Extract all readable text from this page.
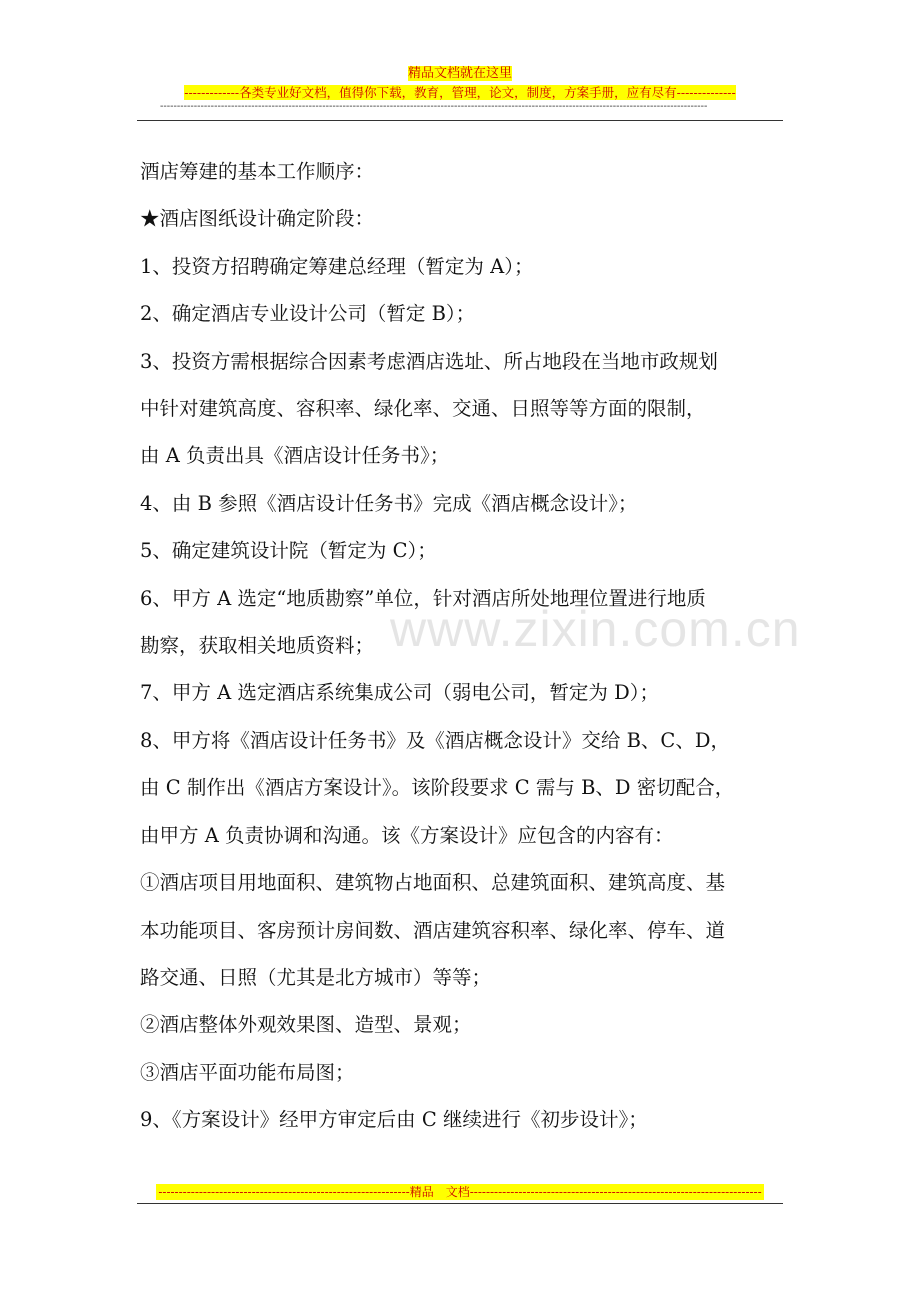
精品文档就在这里
-------------各类专业好文档，值得你下载，教育，管理，论文，制度，方案手册，应有尽有--------------
------------------------------------------------------------------------------------------------------------------------------------------------------------------
www.zixin.com.cn

酒店筹建的基本工作顺序：

★酒店图纸设计确定阶段：

1、投资方招聘确定筹建总经理（暂定为 A）；

2、确定酒店专业设计公司（暂定 B）；

3、投资方需根据综合因素考虑酒店选址、所占地段在当地市政规划
中针对建筑高度、容积率、绿化率、交通、日照等等方面的限制，
由 A 负责出具《酒店设计任务书》；

4、由 B 参照《酒店设计任务书》完成《酒店概念设计》；

5、确定建筑设计院（暂定为 C）；

6、甲方 A 选定“地质勘察”单位，针对酒店所处地理位置进行地质
勘察，获取相关地质资料；

7、甲方 A 选定酒店系统集成公司（弱电公司，暂定为 D）；

8、甲方将《酒店设计任务书》及《酒店概念设计》交给 B、C、D，
由 C 制作出《酒店方案设计》。该阶段要求 C 需与 B、D 密切配合，
由甲方 A 负责协调和沟通。该《方案设计》应包含的内容有：

①酒店项目用地面积、建筑物占地面积、总建筑面积、建筑高度、基
本功能项目、客房预计房间数、酒店建筑容积率、绿化率、停车、道
路交通、日照（尤其是北方城市）等等；

②酒店整体外观效果图、造型、景观；

③酒店平面功能布局图；

9、《方案设计》经甲方审定后由 C 继续进行《初步设计》；

--------------------------------------------------------------精品　文档------------------------------------------------------------------------
